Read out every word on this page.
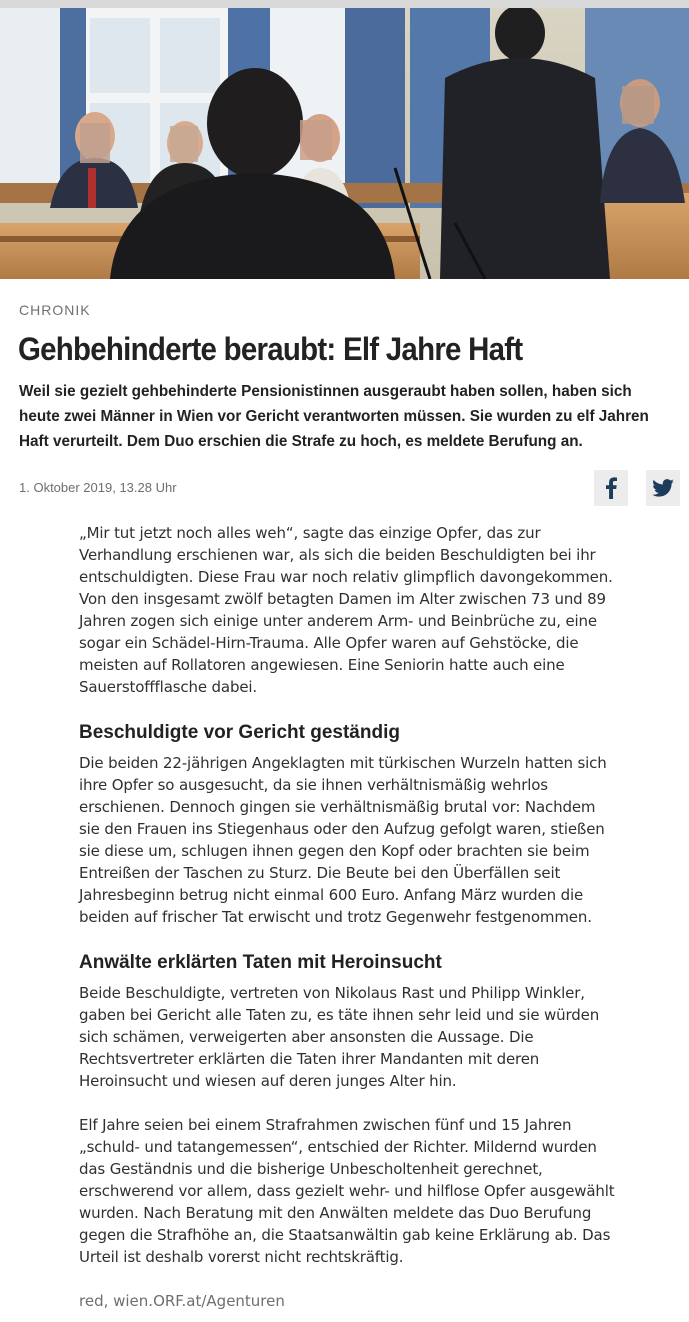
CHRONIK
Gehbehinderte beraubt: Elf Jahre Haft

Weil sie gezielt gehbehinderte Pensionistinnen ausgeraubt haben sollen, haben sich heute zwei Männer in Wien vor Gericht verantworten müssen. Sie wurden zu elf Jahren Haft verurteilt. Dem Duo erschien die Strafe zu hoch, es meldete Berufung an.

1. Oktober 2019, 13.28 Uhr

„Mir tut jetzt noch alles weh“, sagte das einzige Opfer, das zur Verhandlung erschienen war, als sich die beiden Beschuldigten bei ihr entschuldigten. Diese Frau war noch relativ glimpflich davongekommen. Von den insgesamt zwölf betagten Damen im Alter zwischen 73 und 89 Jahren zogen sich einige unter anderem Arm- und Beinbrüche zu, eine sogar ein Schädel-Hirn-Trauma. Alle Opfer waren auf Gehstöcke, die meisten auf Rollatoren angewiesen. Eine Seniorin hatte auch eine Sauerstoffflasche dabei.

Beschuldigte vor Gericht geständig

Die beiden 22-jährigen Angeklagten mit türkischen Wurzeln hatten sich ihre Opfer so ausgesucht, da sie ihnen verhältnismäßig wehrlos erschienen. Dennoch gingen sie verhältnismäßig brutal vor: Nachdem sie den Frauen ins Stiegenhaus oder den Aufzug gefolgt waren, stießen sie diese um, schlugen ihnen gegen den Kopf oder brachten sie beim Entreißen der Taschen zu Sturz. Die Beute bei den Überfällen seit Jahresbeginn betrug nicht einmal 600 Euro. Anfang März wurden die beiden auf frischer Tat erwischt und trotz Gegenwehr festgenommen.

Anwälte erklärten Taten mit Heroinsucht

Beide Beschuldigte, vertreten von Nikolaus Rast und Philipp Winkler, gaben bei Gericht alle Taten zu, es täte ihnen sehr leid und sie würden sich schämen, verweigerten aber ansonsten die Aussage. Die Rechtsvertreter erklärten die Taten ihrer Mandanten mit deren Heroinsucht und wiesen auf deren junges Alter hin.

Elf Jahre seien bei einem Strafrahmen zwischen fünf und 15 Jahren „schuld- und tatangemessen“, entschied der Richter. Mildernd wurden das Geständnis und die bisherige Unbescholtenheit gerechnet, erschwerend vor allem, dass gezielt wehr- und hilflose Opfer ausgewählt wurden. Nach Beratung mit den Anwälten meldete das Duo Berufung gegen die Strafhöhe an, die Staatsanwältin gab keine Erklärung ab. Das Urteil ist deshalb vorerst nicht rechtskräftig.

red, wien.ORF.at/Agenturen
